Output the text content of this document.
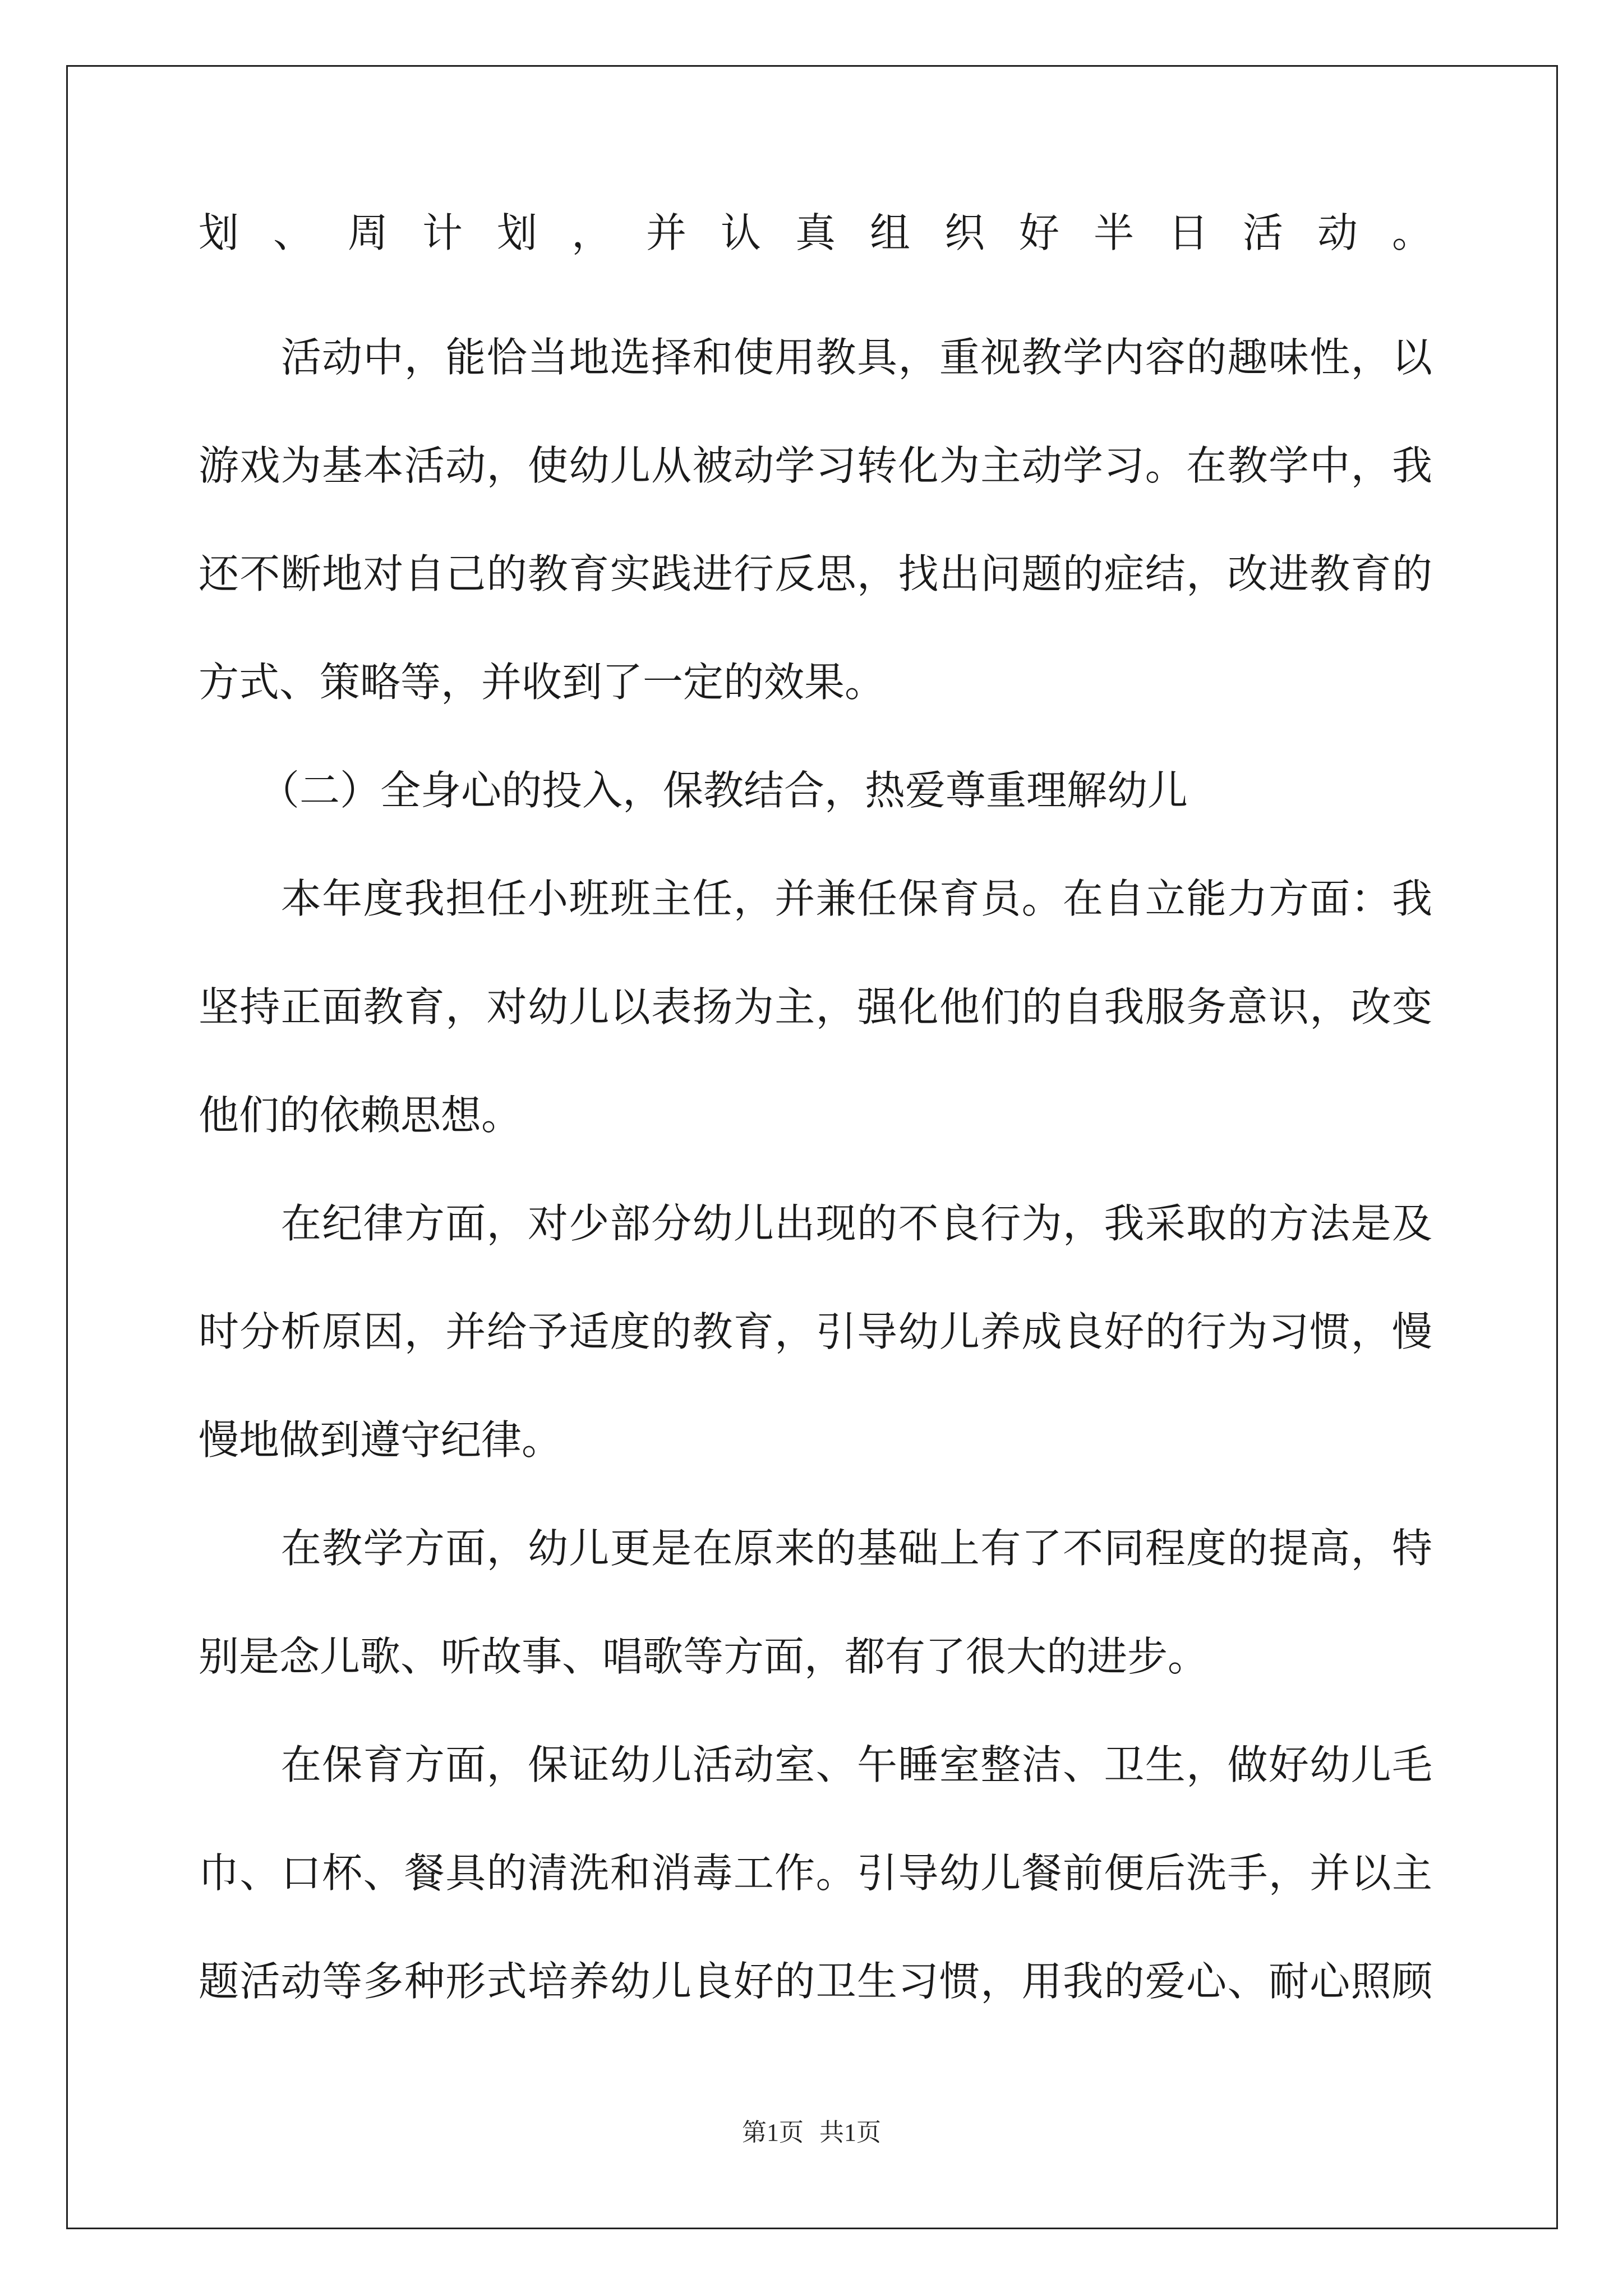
划、周计划，并认真组织好半日活动。
　　活动中，能恰当地选择和使用教具，重视教学内容的趣味性，以
游戏为基本活动，使幼儿从被动学习转化为主动学习。在教学中，我
还不断地对自己的教育实践进行反思，找出问题的症结，改进教育的
方式、策略等，并收到了一定的效果。
　　（二）全身心的投入，保教结合，热爱尊重理解幼儿
　　本年度我担任小班班主任，并兼任保育员。在自立能力方面：我
坚持正面教育，对幼儿以表扬为主，强化他们的自我服务意识，改变
他们的依赖思想。
　　在纪律方面，对少部分幼儿出现的不良行为，我采取的方法是及
时分析原因，并给予适度的教育，引导幼儿养成良好的行为习惯，慢
慢地做到遵守纪律。
　　在教学方面，幼儿更是在原来的基础上有了不同程度的提高，特
别是念儿歌、听故事、唱歌等方面，都有了很大的进步。
　　在保育方面，保证幼儿活动室、午睡室整洁、卫生，做好幼儿毛
巾、口杯、餐具的清洗和消毒工作。引导幼儿餐前便后洗手，并以主
题活动等多种形式培养幼儿良好的卫生习惯，用我的爱心、耐心照顾
第1页 共1页
